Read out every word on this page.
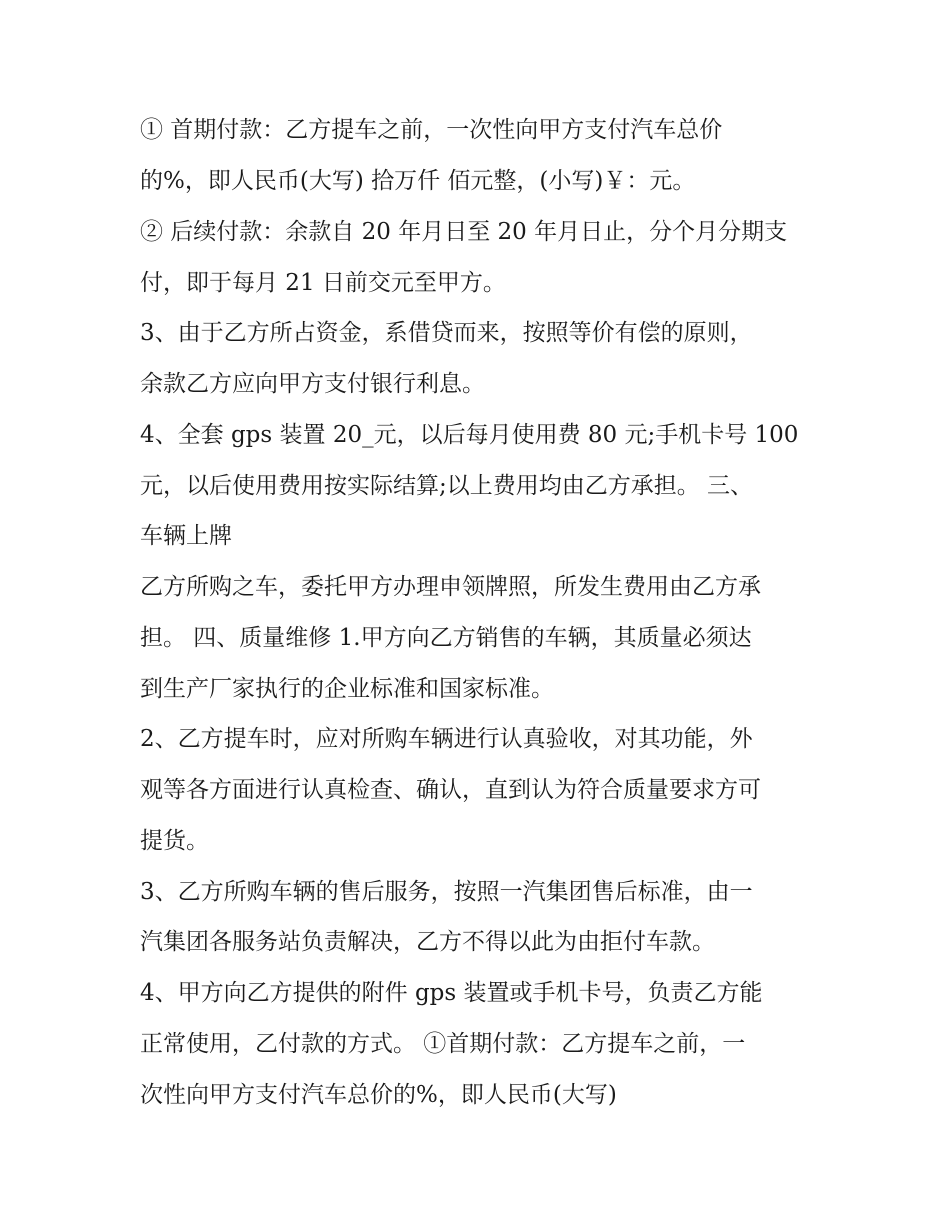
① 首期付款：乙方提车之前，一次性向甲方支付汽车总价
的%，即人民币(大写) 拾万仟 佰元整，(小写)￥：元。
② 后续付款：余款自 20 年月日至 20 年月日止，分个月分期支
付，即于每月 21 日前交元至甲方。
3、由于乙方所占资金，系借贷而来，按照等价有偿的原则，
余款乙方应向甲方支付银行利息。
4、全套 gps 装置 20_元，以后每月使用费 80 元;手机卡号 100
元，以后使用费用按实际结算;以上费用均由乙方承担。 三、
车辆上牌
乙方所购之车，委托甲方办理申领牌照，所发生费用由乙方承
担。 四、质量维修 1.甲方向乙方销售的车辆，其质量必须达
到生产厂家执行的企业标准和国家标准。
2、乙方提车时，应对所购车辆进行认真验收，对其功能，外
观等各方面进行认真检查、确认，直到认为符合质量要求方可
提货。
3、乙方所购车辆的售后服务，按照一汽集团售后标准，由一
汽集团各服务站负责解决，乙方不得以此为由拒付车款。
4、甲方向乙方提供的附件 gps 装置或手机卡号，负责乙方能
正常使用，乙付款的方式。 ①首期付款：乙方提车之前，一
次性向甲方支付汽车总价的%，即人民币(大写)
